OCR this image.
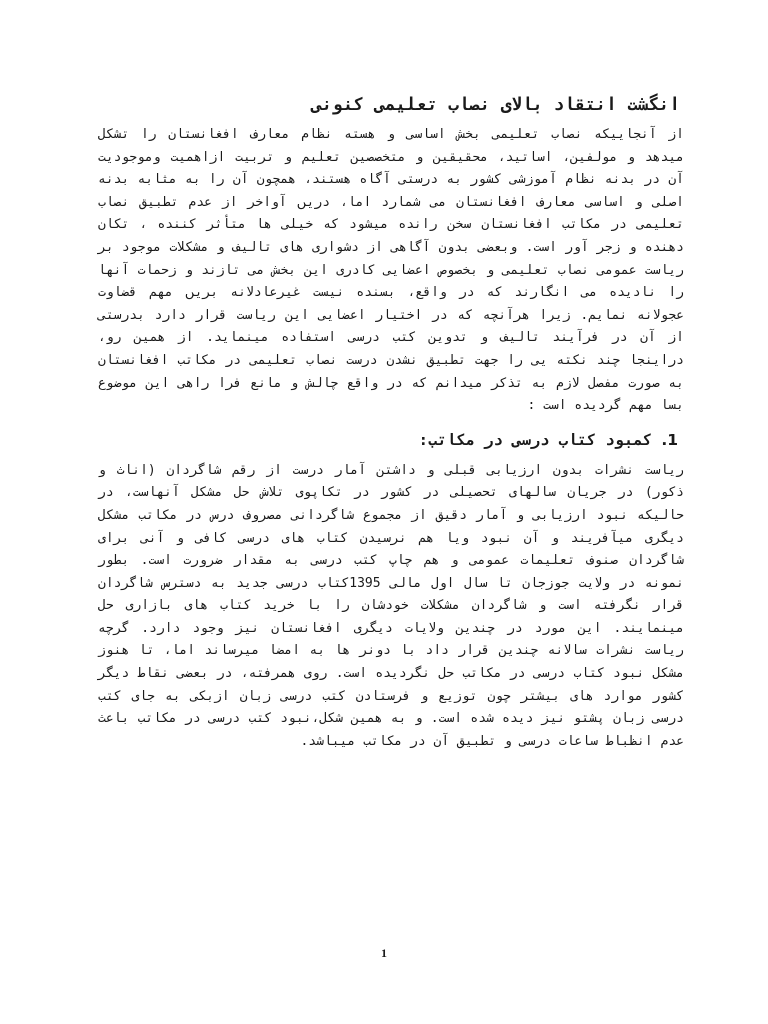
انگشت انتقاد بالای نصاب تعلیمی کنونی

از آنجاییکه نصاب تعلیمی بخش اساسی و هسته نظام معارف افغانستان را تشکل میدهد و مولفین، اساتید، محقیقین و متخصصین تعلیم و تربیت ازاهمیت وموجودیت آن در بدنه نظام آموزشی کشور به درستی آگاه هستند، همچون آن را به مثابه بدنه اصلی و اساسی معارف افغانستان می شمارد اما، دریں آواخر از عدم تطبیق نصاب تعلیمی در مکاتب افغانستان سخن رانده میشود که خیلی ها متأثر کننده ، تکان دهنده و زجر آور است. وبعضی بدون آگاهی از دشواری های تالیف و مشکلات موجود بر ریاست عمومی نصاب تعلیمی و بخصوص اعضایی کادری این بخش می تازند و زحمات آنها را نادیده می انگارند که در واقع، بسنده نیست غیرعادلانه بریں مهم قضاوت عجولانه نمایم. زیرا هرآنچه که در اختیار اعضایی این ریاست قرار دارد بدرستی از آن در فرآیند تالیف و تدوین کتب درسی استفاده مینماید. از همین رو، دراینجا چند نکته یی را جهت تطبیق نشدن درست نصاب تعلیمی در مکاتب افغانستان به صورت مفصل لازم به تذکر میدانم که در واقع چالش و مانع فرا راهی این موضوع بسا مهم گردیده است :

1. کمبود کتاب درسی در مکاتب:

ریاست نشرات بدون ارزیابی قبلی و داشتن آمار درست از رقم شاگردان (اناث و ذکور) در جریان سالهای تحصیلی در کشور در تکاپوی تلاش حل مشکل آنهاست، در حالیکه نبود ارزیابی و آمار دقیق از مجموع شاگردانی مصروف درس در مکاتب مشکل دیگری میآفریند و آن نبود ویا هم نرسیدن کتاب های درسی کافی و آنی برای شاگردان صنوف تعلیمات عمومی و هم چاپ کتب درسی به مقدار ضرورت است. بطور نمونه در ولایت جوزجان تا سال اول مالی 1395کتاب درسی جدید به دسترس شاگردان قرار نگرفته است و شاگردان مشکلات خودشان را با خرید کتاب های بازاری حل مینمایند. این مورد در چندین ولایات دیگری افغانستان نیز وجود دارد. گرچه ریاست نشرات سالانه چندین قرار داد با دونر ها به امضا میرساند اما، تا هنوز مشکل نبود کتاب درسی در مکاتب حل نگردیده است. روی همرفته، در بعضی نقاط دیگر کشور موارد های بیشتر چون توزیع و فرستادن کتب درسی زبان ازبکی به جای کتب درسی زبان پشتو نیز دیده شده است. و به همین شکل،نبود کتب درسی در مکاتب باعث عدم انظباط ساعات درسی و تطبیق آن در مکاتب میباشد.

1
